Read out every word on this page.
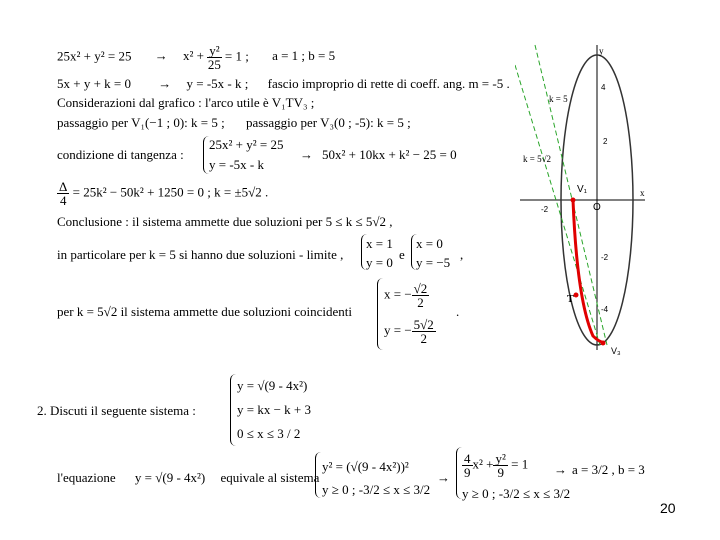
$25x^2 + y^2 = 25 \to x^2 + \frac{\text{y²}}{25} = 1$ ; a = 1 ; b = 5
5x + y + k = 0 → y = -5x - k ; fascio improprio di rette di coeff. ang. m = -5 .
Considerazioni dal grafico : l'arco utile è V₁TV₃ ;
passaggio per V₁(−1 ; 0): k = 5 ; passaggio per V₃(0 ; -5): k = 5 ;
condizione di tangenza :
25x² + y² = 25
y = -5x - k
→ 50x² + 10kx + k² − 25 = 0
$\frac{\Delta}{4} = 25k^2 - 50k^2 + 1250 = 0$ ; k = ±5√2 .
Conclusione : il sistema ammette due soluzioni per 5 ≤ k ≤ 5√2 ,
in particolare per k = 5 si hanno due soluzioni - limite ,
x = 1
y = 0
e
x = 0
y = −5
,
per k = 5√2 il sistema ammette due soluzioni coincidenti
x = − $\frac{√2}{2}$
y = − $\frac{5√2}{2}$
.
y
x
O
V₁
V₃
T
k = 5
k = 5√2
-2
2
4
-2
-4
2. Discuti il seguente sistema :
y = √(9 - 4x²)
y = kx − k + 3
0 ≤ x ≤ 3 / 2
l'equazione y = √(9 - 4x²) equivale al sistema
y² = (√(9 - 4x²))²
y ≥ 0 ; -3/2 ≤ x ≤ 3/2
→ $\frac{4}{9} x^2 + \frac{\text{y²}}{9} = 1$
y ≥ 0 ; -3/2 ≤ x ≤ 3/2
→ a = 3/2 , b = 3
20
